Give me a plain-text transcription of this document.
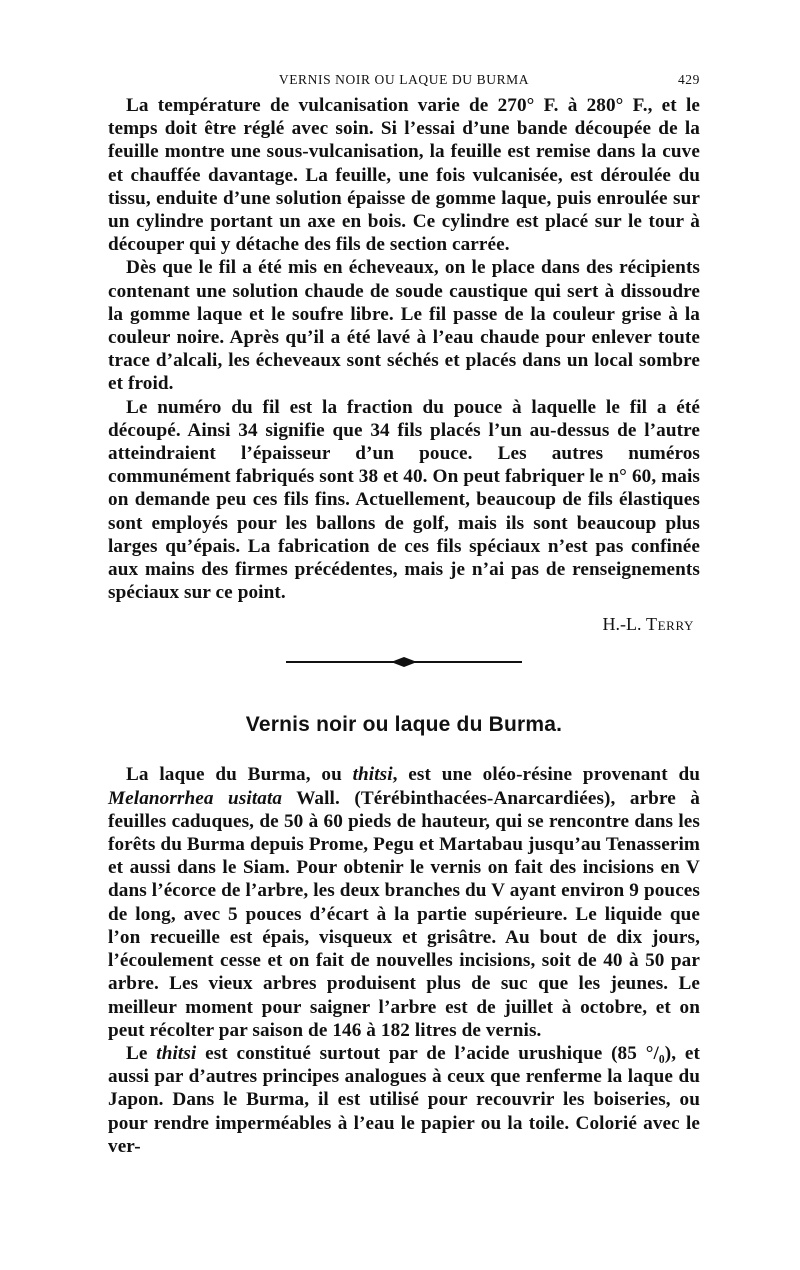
VERNIS NOIR OU LAQUE DU BURMA	429

La température de vulcanisation varie de 270° F. à 280° F., et le temps doit être réglé avec soin. Si l’essai d’une bande découpée de la feuille montre une sous-vulcanisation, la feuille est remise dans la cuve et chauffée davantage. La feuille, une fois vulcanisée, est déroulée du tissu, enduite d’une solution épaisse de gomme laque, puis enroulée sur un cylindre portant un axe en bois. Ce cylindre est placé sur le tour à découper qui y détache des fils de section carrée.

Dès que le fil a été mis en écheveaux, on le place dans des récipients contenant une solution chaude de soude caustique qui sert à dissoudre la gomme laque et le soufre libre. Le fil passe de la couleur grise à la couleur noire. Après qu’il a été lavé à l’eau chaude pour enlever toute trace d’alcali, les écheveaux sont séchés et placés dans un local sombre et froid.

Le numéro du fil est la fraction du pouce à laquelle le fil a été découpé. Ainsi 34 signifie que 34 fils placés l’un au-dessus de l’autre atteindraient l’épaisseur d’un pouce. Les autres numéros communément fabriqués sont 38 et 40. On peut fabriquer le n° 60, mais on demande peu ces fils fins. Actuellement, beaucoup de fils élastiques sont employés pour les ballons de golf, mais ils sont beaucoup plus larges qu’épais. La fabrication de ces fils spéciaux n’est pas confinée aux mains des firmes précédentes, mais je n’ai pas de renseignements spéciaux sur ce point.

H.-L. Terry
Vernis noir ou laque du Burma.

La laque du Burma, ou thitsi, est une oléo-résine provenant du Melanorrhea usitata Wall. (Térébinthacées-Anarcardiées), arbre à feuilles caduques, de 50 à 60 pieds de hauteur, qui se rencontre dans les forêts du Burma depuis Prome, Pegu et Martabau jusqu’au Tenasserim et aussi dans le Siam. Pour obtenir le vernis on fait des incisions en V dans l’écorce de l’arbre, les deux branches du V ayant environ 9 pouces de long, avec 5 pouces d’écart à la partie supérieure. Le liquide que l’on recueille est épais, visqueux et grisâtre. Au bout de dix jours, l’écoulement cesse et on fait de nouvelles incisions, soit de 40 à 50 par arbre. Les vieux arbres produisent plus de suc que les jeunes. Le meilleur moment pour saigner l’arbre est de juillet à octobre, et on peut récolter par saison de 146 à 182 litres de vernis.

Le thitsi est constitué surtout par de l’acide urushique (85 °/₀), et aussi par d’autres principes analogues à ceux que renferme la laque du Japon. Dans le Burma, il est utilisé pour recouvrir les boiseries, ou pour rendre imperméables à l’eau le papier ou la toile. Colorié avec le ver-
